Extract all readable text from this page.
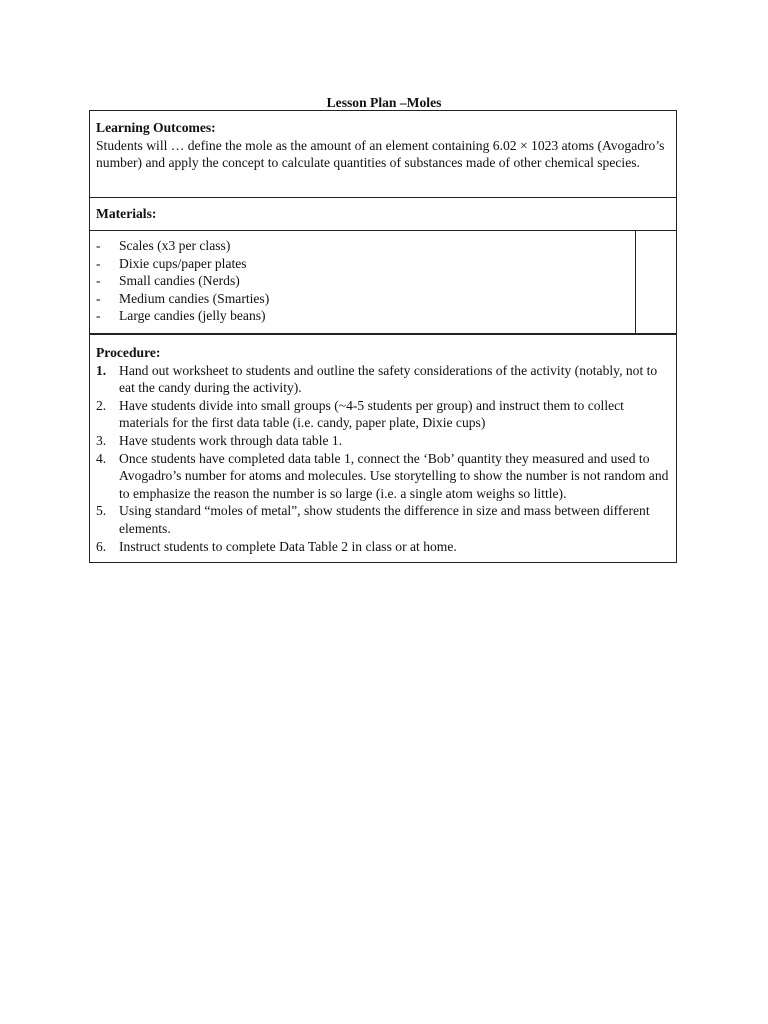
Lesson Plan –Moles
Learning Outcomes:
Students will … define the mole as the amount of an element containing 6.02 × 1023 atoms (Avogadro’s number) and apply the concept to calculate quantities of substances made of other chemical species.
Materials:
-	Scales (x3 per class)
-	Dixie cups/paper plates
-	Small candies (Nerds)
-	Medium candies (Smarties)
-	Large candies (jelly beans)
Procedure:
1. Hand out worksheet to students and outline the safety considerations of the activity (notably, not to eat the candy during the activity).
2. Have students divide into small groups (~4-5 students per group) and instruct them to collect materials for the first data table (i.e. candy, paper plate, Dixie cups)
3. Have students work through data table 1.
4. Once students have completed data table 1, connect the ‘Bob’ quantity they measured and used to Avogadro’s number for atoms and molecules. Use storytelling to show the number is not random and to emphasize the reason the number is so large (i.e. a single atom weighs so little).
5. Using standard “moles of metal”, show students the difference in size and mass between different elements.
6. Instruct students to complete Data Table 2 in class or at home.
